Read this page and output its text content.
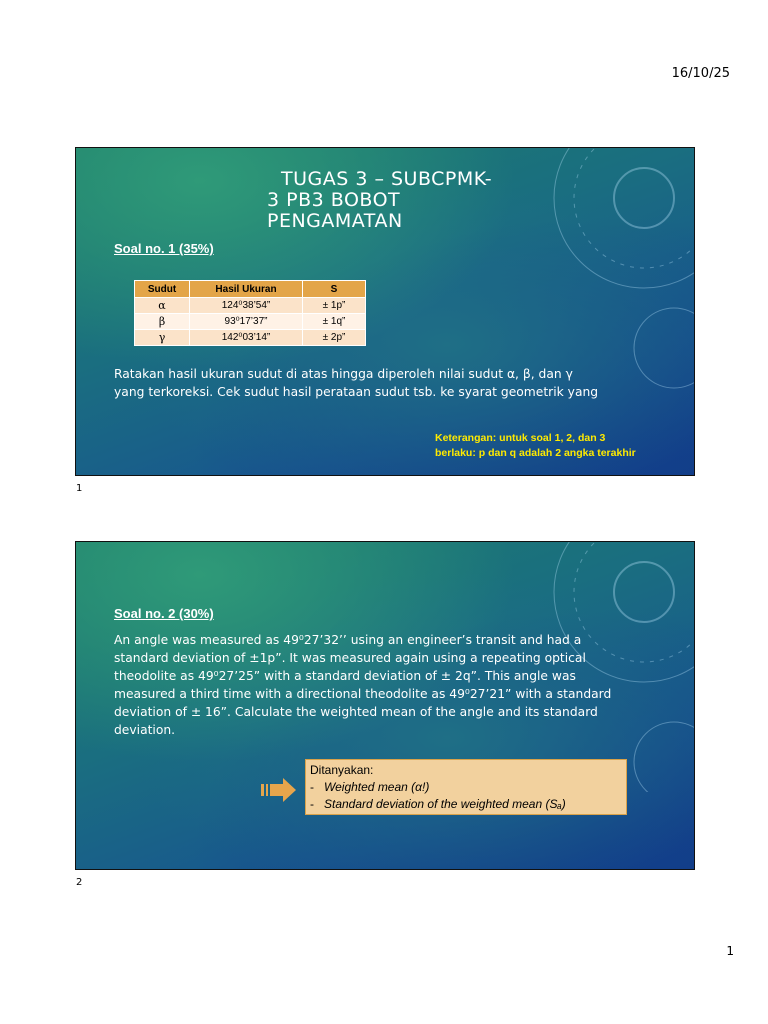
16/10/25
TUGAS 3 – SUBCPMK-
3 PB3 BOBOT
PENGAMATAN
Soal no. 1 (35%)
Sudut	Hasil Ukuran	S
α	124⁰38’54”	± 1p”
β	93⁰17’37”	± 1q”
γ	142⁰03’14”	± 2p”
Ratakan hasil ukuran sudut di atas hingga diperoleh nilai sudut α, β, dan γ
yang terkoreksi. Cek sudut hasil perataan sudut tsb. ke syarat geometrik yang
Keterangan: untuk soal 1, 2, dan 3
berlaku: p dan q adalah 2 angka terakhir
1
Soal no. 2 (30%)
An angle was measured as 49⁰27’32’’ using an engineer’s transit and had a
standard deviation of ±1p”. It was measured again using a repeating optical
theodolite as 49⁰27’25” with a standard deviation of ± 2q”. This angle was
measured a third time with a directional theodolite as 49⁰27’21” with a standard
deviation of ± 16”. Calculate the weighted mean of the angle and its standard
deviation.
Ditanyakan:
- Weighted mean (α!)
- Standard deviation of the weighted mean (Sₐ)
2
1
